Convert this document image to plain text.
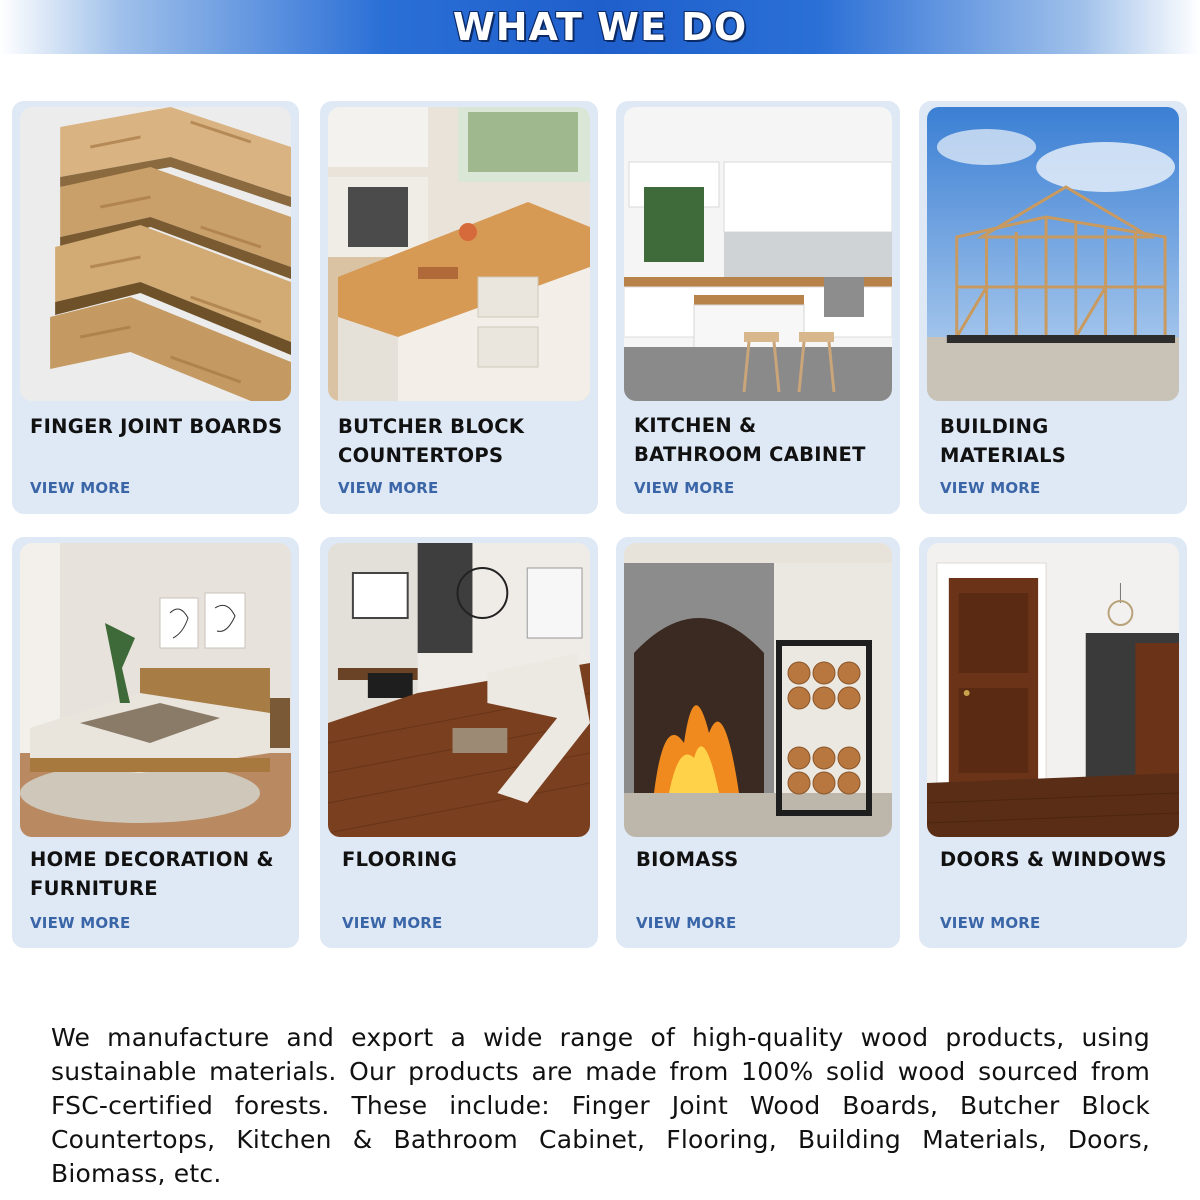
WHAT WE DO
FINGER JOINT BOARDS
VIEW MORE
BUTCHER BLOCK COUNTERTOPS
VIEW MORE
KITCHEN & BATHROOM CABINET
VIEW MORE
BUILDING MATERIALS
VIEW MORE
HOME DECORATION & FURNITURE
VIEW MORE
FLOORING
VIEW MORE
BIOMASS
VIEW MORE
DOORS & WINDOWS
VIEW MORE

We manufacture and export a wide range of high-quality wood products, using sustainable materials. Our products are made from 100% solid wood sourced from FSC-certified forests. These include: Finger Joint Wood Boards, Butcher Block Countertops, Kitchen & Bathroom Cabinet, Flooring, Building Materials, Doors, Biomass, etc.
